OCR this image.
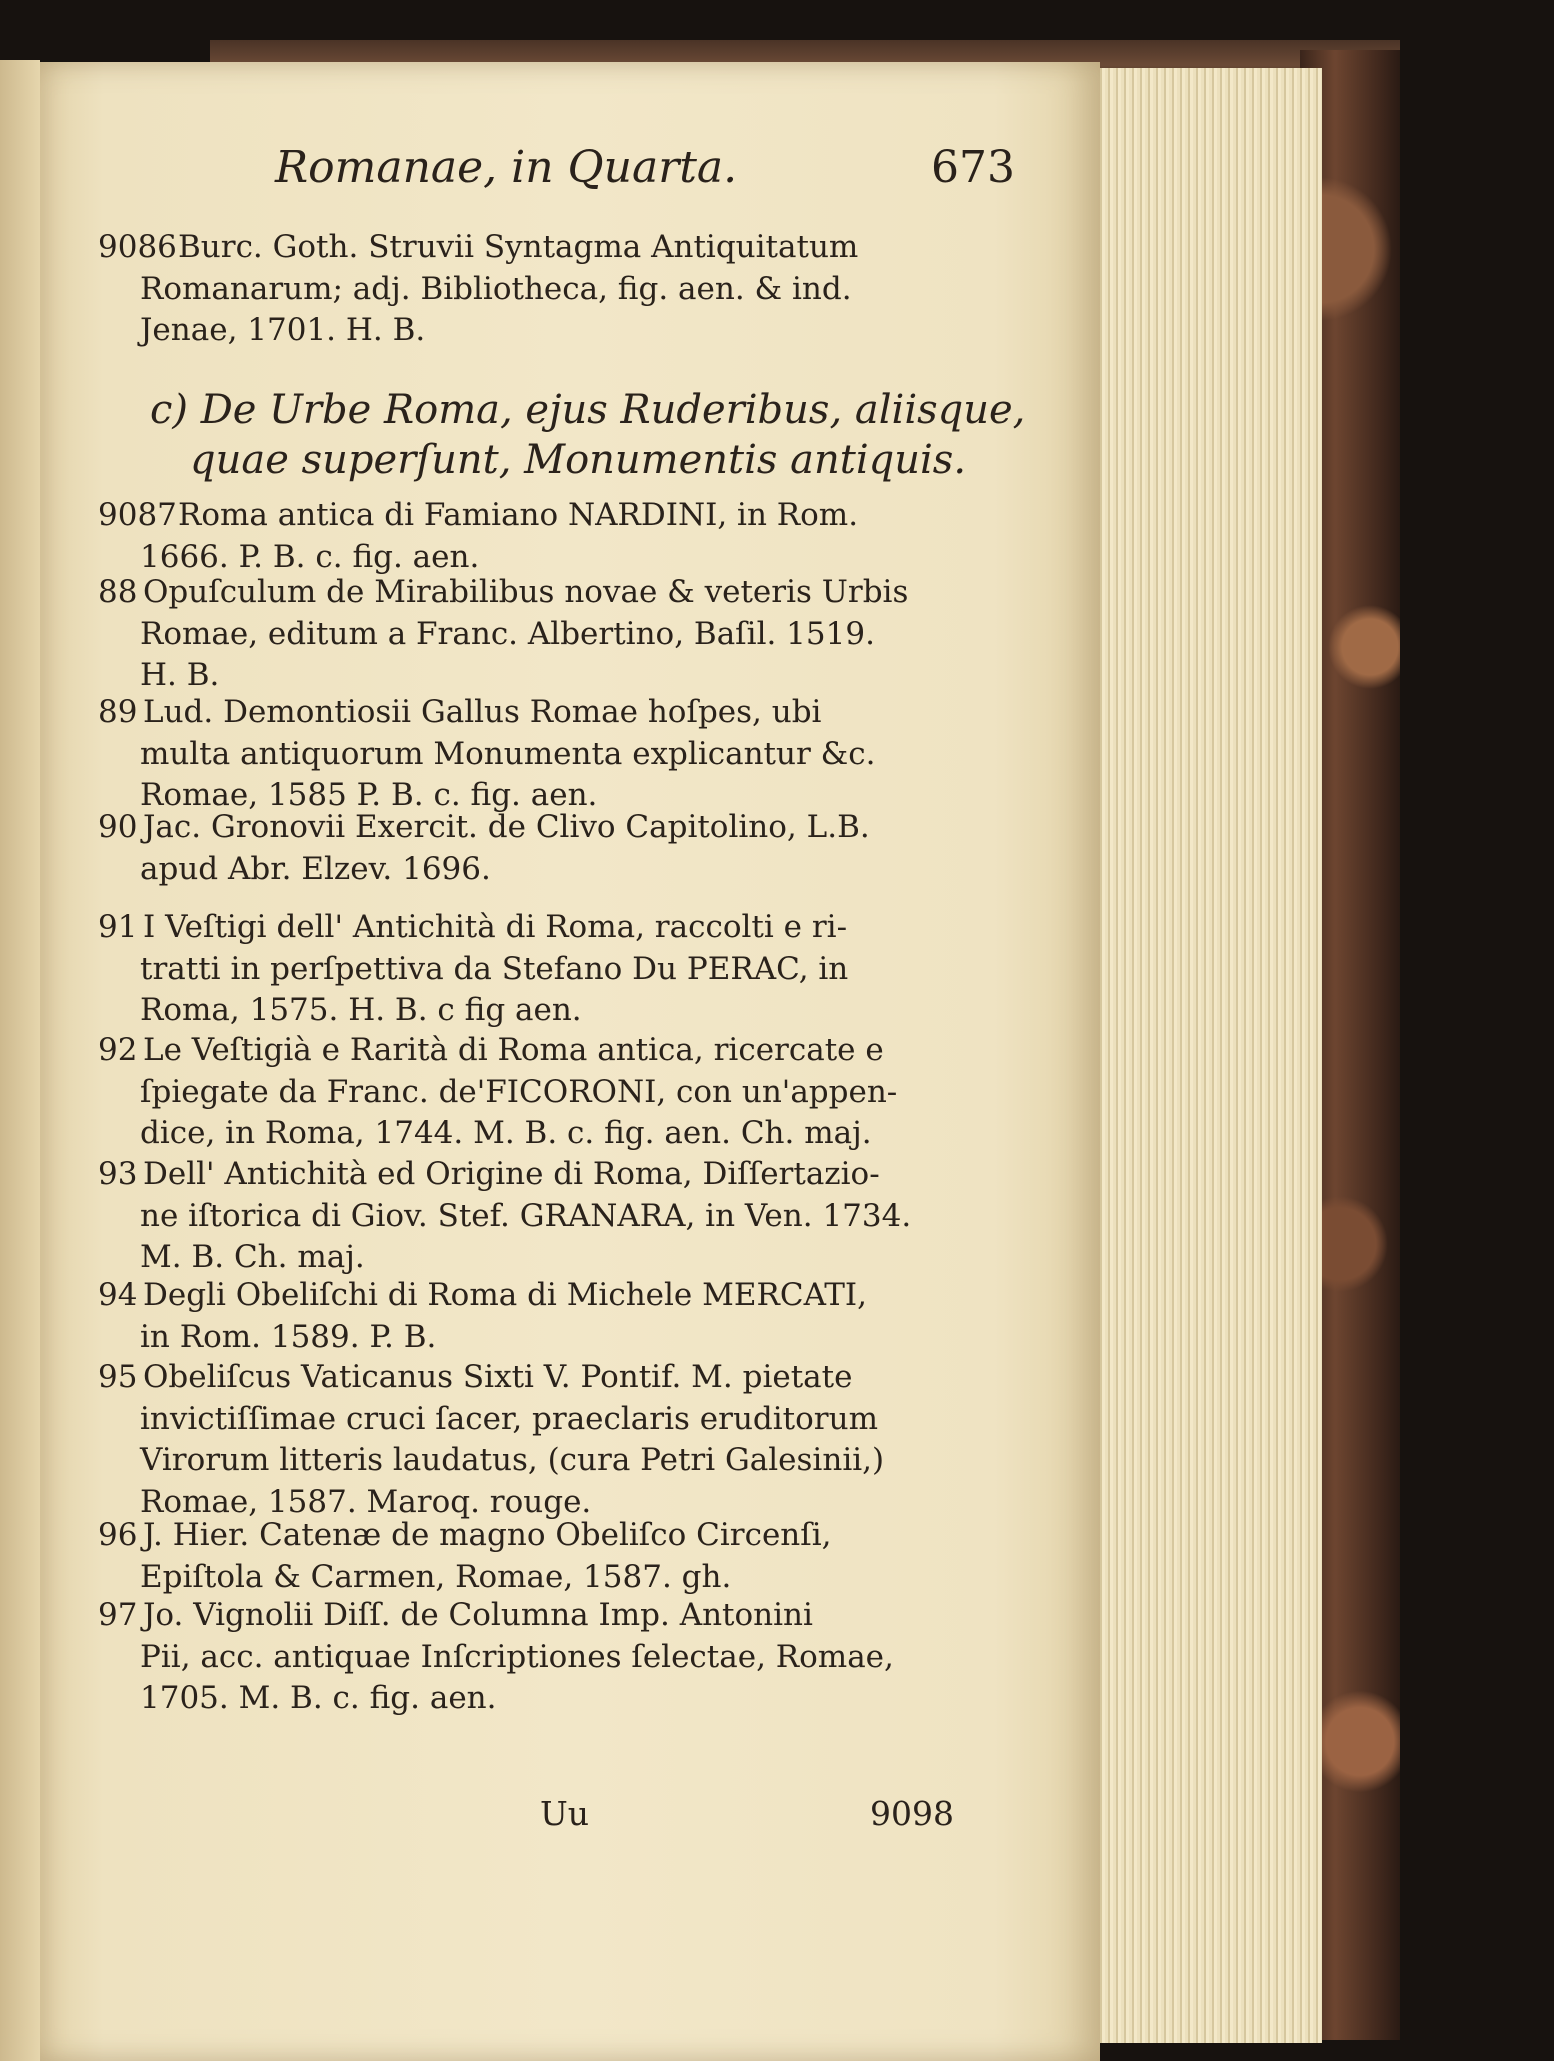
Romanae, in Quarta.	673
c) De Urbe Roma, ejus Ruderibus, aliisque,
quae superſunt, Monumentis antiquis.
9086 Burc. Goth. Struvii Syntagma Antiquitatum
Romanarum; adj. Bibliotheca, fig. aen. & ind.
Jenae, 1701. H. B.
9087 Roma antica di Famiano NARDINI, in Rom.
1666. P. B. c. fig. aen.
88 Opuſculum de Mirabilibus novae & veteris Urbis
Romae, editum a Franc. Albertino, Baſil. 1519.
H. B.
89 Lud. Demontiosii Gallus Romae hoſpes, ubi
multa antiquorum Monumenta explicantur &c.
Romae, 1585 P. B. c. fig. aen.
90 Jac. Gronovii Exercit. de Clivo Capitolino, L.B.
apud Abr. Elzev. 1696.
91 I Veſtigi dell' Antichità di Roma, raccolti e ri-
tratti in perſpettiva da Stefano Du PERAC, in
Roma, 1575. H. B. c fig aen.
92 Le Veſtigià e Rarità di Roma antica, ricercate e
ſpiegate da Franc. de'FICORONI, con un'appen-
dice, in Roma, 1744. M. B. c. fig. aen. Ch. maj.
93 Dell' Antichità ed Origine di Roma, Diſſertazio-
ne iſtorica di Giov. Stef. GRANARA, in Ven. 1734.
M. B. Ch. maj.
94 Degli Obeliſchi di Roma di Michele MERCATI,
in Rom. 1589. P. B.
95 Obeliſcus Vaticanus Sixti V. Pontif. M. pietate
invictiſſimae cruci ſacer, praeclaris eruditorum
Virorum litteris laudatus, (cura Petri Galesinii,)
Romae, 1587. Maroq. rouge.
96 J. Hier. Catenæ de magno Obeliſco Circenſi,
Epiſtola & Carmen, Romae, 1587. gh.
97 Jo. Vignolii Diſſ. de Columna Imp. Antonini
Pii, acc. antiquae Inſcriptiones ſelectae, Romae,
1705. M. B. c. fig. aen.
Uu	9098
